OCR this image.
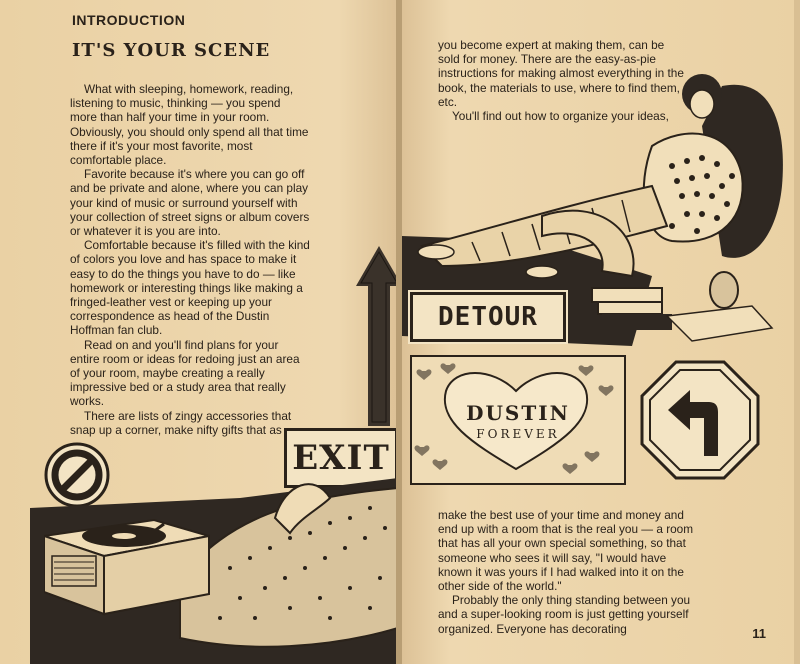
INTRODUCTION
IT'S YOUR SCENE

What with sleeping, homework, reading, listening to music, thinking — you spend more than half your time in your room. Obviously, you should only spend all that time there if it's your most favorite, most comfortable place.

Favorite because it's where you can go off and be private and alone, where you can play your kind of music or surround yourself with your collection of street signs or album covers or whatever it is you are into.

Comfortable because it's filled with the kind of colors you love and has space to make it easy to do the things you have to do — like homework or interesting things like making a fringed-leather vest or keeping up your correspondence as head of the Dustin Hoffman fan club.

Read on and you'll find plans for your entire room or ideas for redoing just an area of your room, maybe creating a really impressive bed or a study area that really works.

There are lists of zingy accessories that snap up a corner, make nifty gifts that as

EXIT

you become expert at making them, can be sold for money. There are the easy-as-pie instructions for making almost everything in the book, the materials to use, where to find them, etc.

You'll find out how to organize your ideas,

DETOUR
DUSTIN
FOREVER

make the best use of your time and money and end up with a room that is the real you — a room that has all your own special something, so that someone who sees it will say, "I would have known it was yours if I had walked into it on the other side of the world."

Probably the only thing standing between you and a super-looking room is just getting yourself organized. Everyone has decorating	11
